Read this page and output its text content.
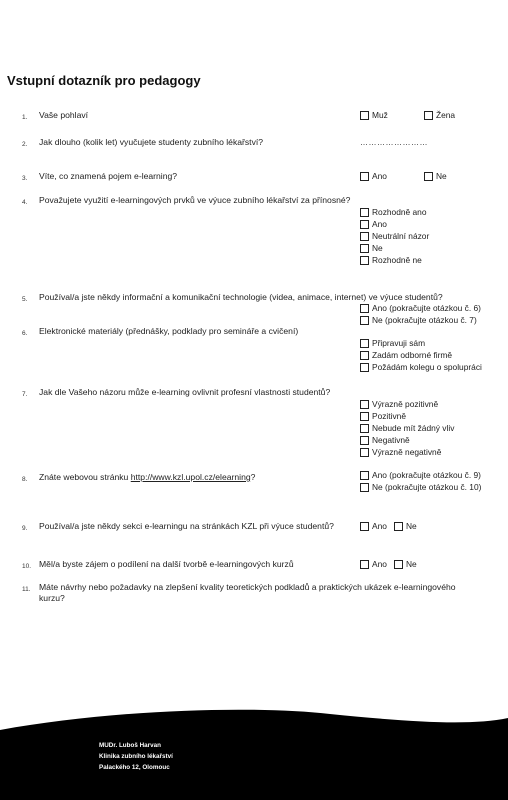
Vstupní dotazník pro pedagogy
1. Vaše pohlaví	Muž	Žena
2. Jak dlouho (kolik let) vyučujete studenty zubního lékařství?	……………………
3. Víte, co znamená pojem e-learning?	Ano	Ne
4. Považujete využití e-learningových prvků ve výuce zubního lékařství za přínosné?
Rozhodně ano
Ano
Neutrální názor
Ne
Rozhodně ne
5. Používal/a jste někdy informační a komunikační technologie (videa, animace, internet) ve výuce studentů?
Ano (pokračujte otázkou č. 6)
Ne (pokračujte otázkou č. 7)
6. Elektronické materiály (přednášky, podklady pro semináře a cvičení)
Připravuji sám
Zadám odborné firmě
Požádám kolegu o spolupráci
7. Jak dle Vašeho názoru může e-learning ovlivnit profesní vlastnosti studentů?
Výrazně pozitivně
Pozitivně
Nebude mít žádný vliv
Negativně
Výrazně negativně
8. Znáte webovou stránku http://www.kzl.upol.cz/elearning?	Ano (pokračujte otázkou č. 9)
Ne (pokračujte otázkou č. 10)
9. Používal/a jste někdy sekci e-learningu na stránkách KZL při výuce studentů?	Ano Ne
10. Měl/a byste zájem o podílení na další tvorbě e-learningových kurzů	Ano Ne
11. Máte návrhy nebo požadavky na zlepšení kvality teoretických podkladů a praktických ukázek e-learningového kurzu?
MUDr. Luboš Harvan
Klinika zubního lékařství
Palackého 12, Olomouc
